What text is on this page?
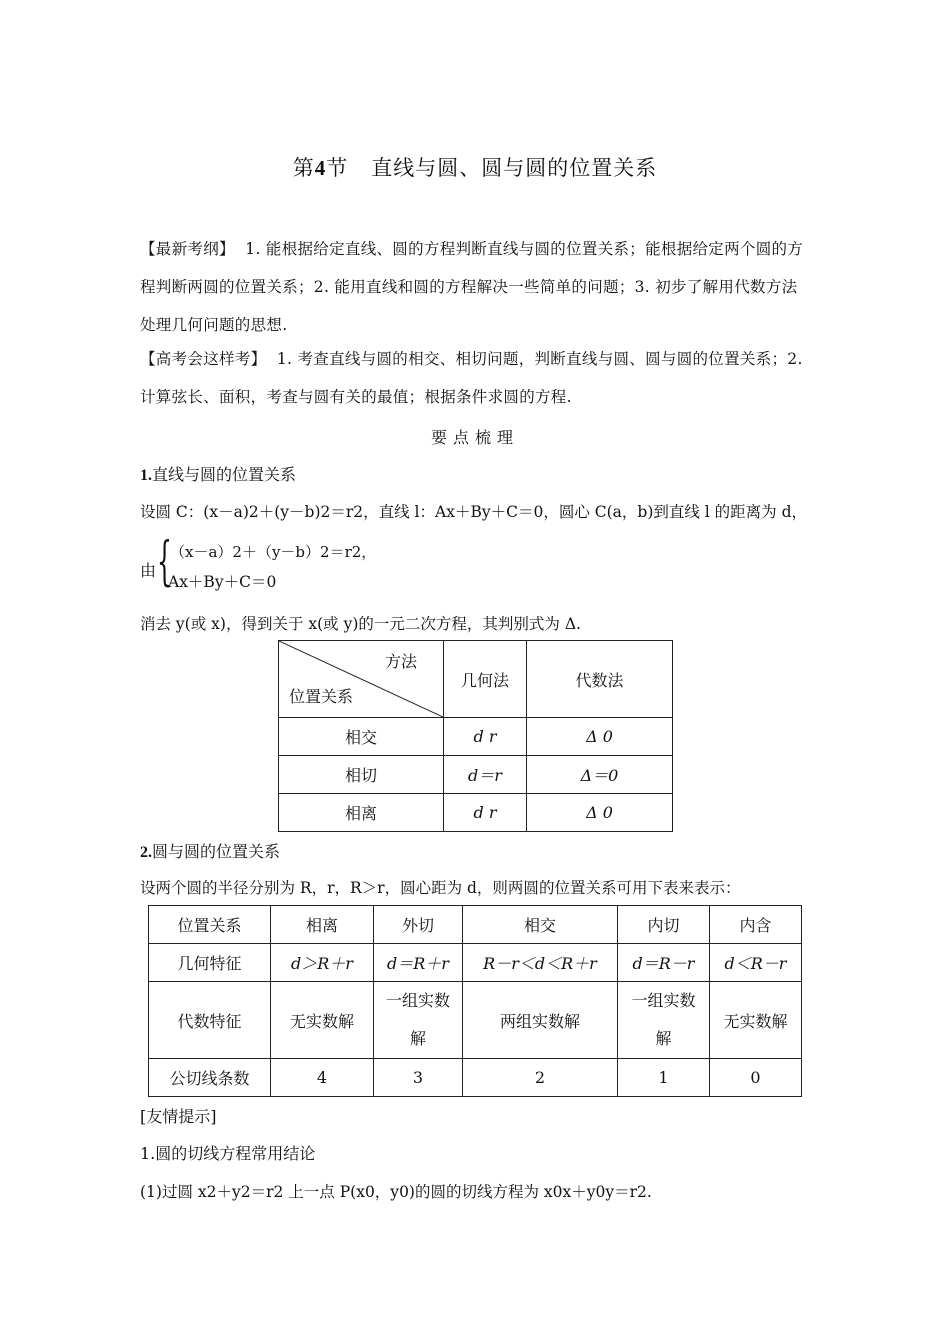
第4节 直线与圆、圆与圆的位置关系
【最新考纲】 1. 能根据给定直线、圆的方程判断直线与圆的位置关系；能根据给定两个圆的方程判断两圆的位置关系；2. 能用直线和圆的方程解决一些简单的问题；3. 初步了解用代数方法处理几何问题的思想.
【高考会这样考】 1. 考查直线与圆的相交、相切问题，判断直线与圆、圆与圆的位置关系；2. 计算弦长、面积，考查与圆有关的最值；根据条件求圆的方程.
要点梳理
1.直线与圆的位置关系
设圆 C：(x－a)2＋(y－b)2＝r2，直线 l：Ax＋By＋C＝0，圆心 C(a，b)到直线 l 的距离为 d，
由 {
（x－a）2＋（y－b）2＝r2，
Ax＋By＋C＝0
消去 y(或 x)，得到关于 x(或 y)的一元二次方程，其判别式为 Δ.
方法
位置关系	几何法	代数法
相交	d r	Δ 0
相切	d＝r	Δ＝0
相离	d r	Δ 0
2.圆与圆的位置关系
设两个圆的半径分别为 R，r，R＞r，圆心距为 d，则两圆的位置关系可用下表来表示：
位置关系	相离	外切	相交	内切	内含
几何特征	d＞R＋r	d＝R＋r	R－r＜d＜R＋r	d＝R－r	d＜R－r
代数特征	无实数解	一组实数解	两组实数解	一组实数解	无实数解
公切线条数	4	3	2	1	0
[友情提示]
1.圆的切线方程常用结论
(1)过圆 x2＋y2＝r2 上一点 P(x0，y0)的圆的切线方程为 x0x＋y0y＝r2.
